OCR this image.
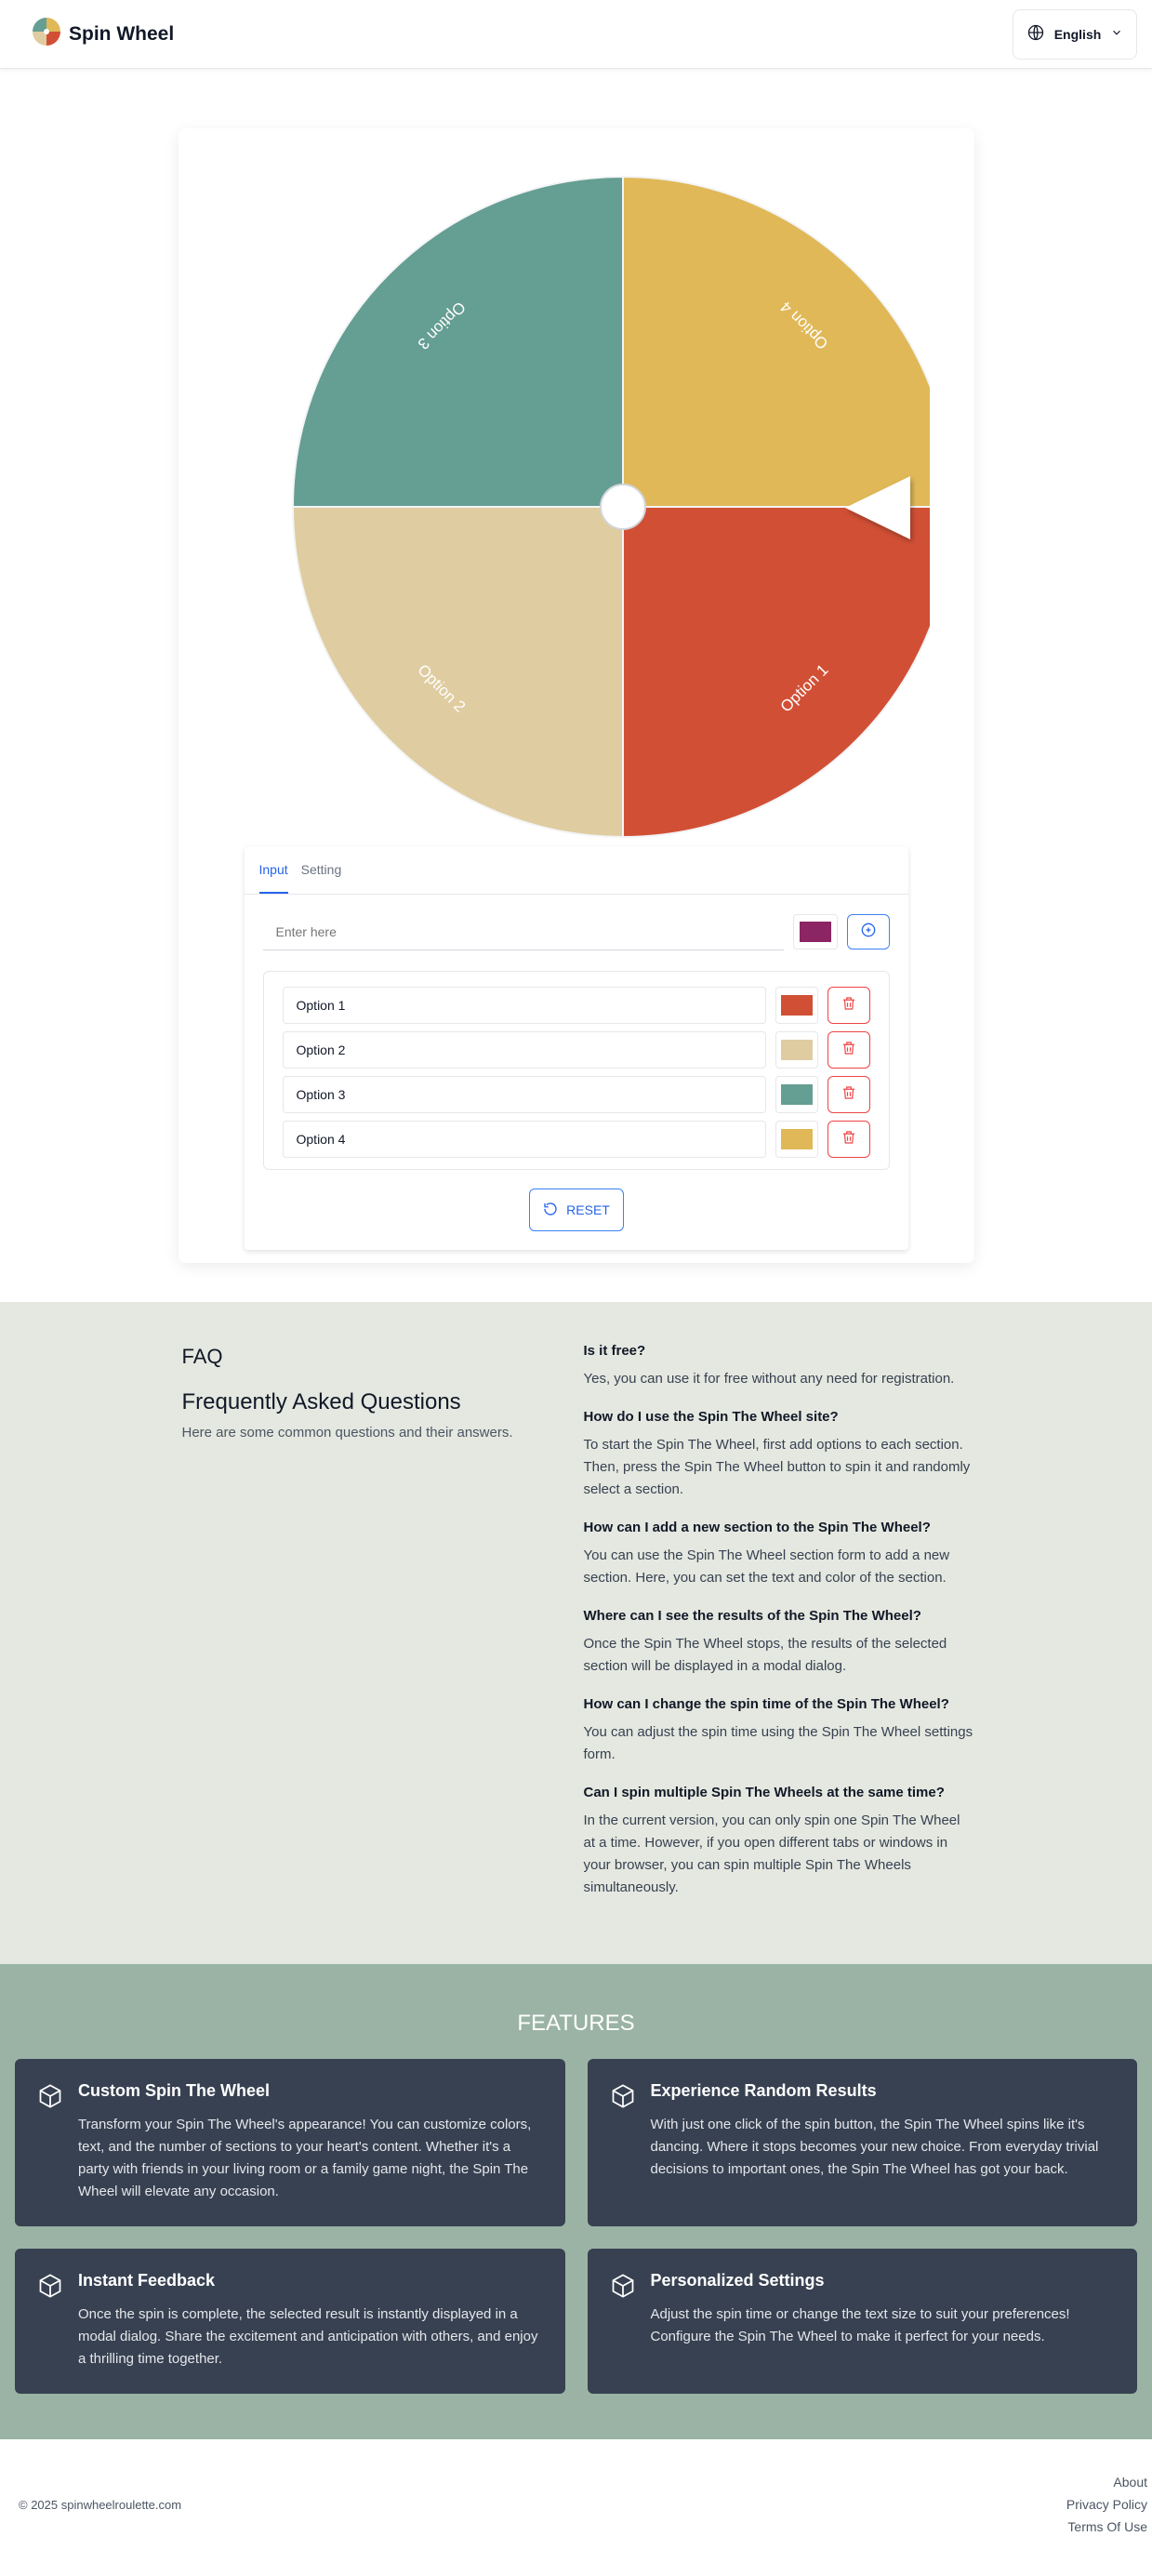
Spin Wheel	English
Option 1
Option 2
Option 3	Option 4
Input Setting
Enter here
Option 1
Option 2
Option 3
Option 4
RESET
FAQ
Frequently Asked Questions
Here are some common questions and their answers.
Is it free?
Yes, you can use it for free without any need for registration.
How do I use the Spin The Wheel site?
To start the Spin The Wheel, first add options to each section. Then, press the Spin The Wheel button to spin it and randomly select a section.
How can I add a new section to the Spin The Wheel?
You can use the Spin The Wheel section form to add a new section. Here, you can set the text and color of the section.
Where can I see the results of the Spin The Wheel?
Once the Spin The Wheel stops, the results of the selected section will be displayed in a modal dialog.
How can I change the spin time of the Spin The Wheel?
You can adjust the spin time using the Spin The Wheel settings form.
Can I spin multiple Spin The Wheels at the same time?
In the current version, you can only spin one Spin The Wheel at a time. However, if you open different tabs or windows in your browser, you can spin multiple Spin The Wheels simultaneously.
FEATURES
Custom Spin The Wheel
Transform your Spin The Wheel's appearance! You can customize colors, text, and the number of sections to your heart's content. Whether it's a party with friends in your living room or a family game night, the Spin The Wheel will elevate any occasion.
Experience Random Results
With just one click of the spin button, the Spin The Wheel spins like it's dancing. Where it stops becomes your new choice. From everyday trivial decisions to important ones, the Spin The Wheel has got your back.
Instant Feedback
Once the spin is complete, the selected result is instantly displayed in a modal dialog. Share the excitement and anticipation with others, and enjoy a thrilling time together.
Personalized Settings
Adjust the spin time or change the text size to suit your preferences! Configure the Spin The Wheel to make it perfect for your needs.
© 2025 spinwheelroulette.com
About
Privacy Policy
Terms Of Use
